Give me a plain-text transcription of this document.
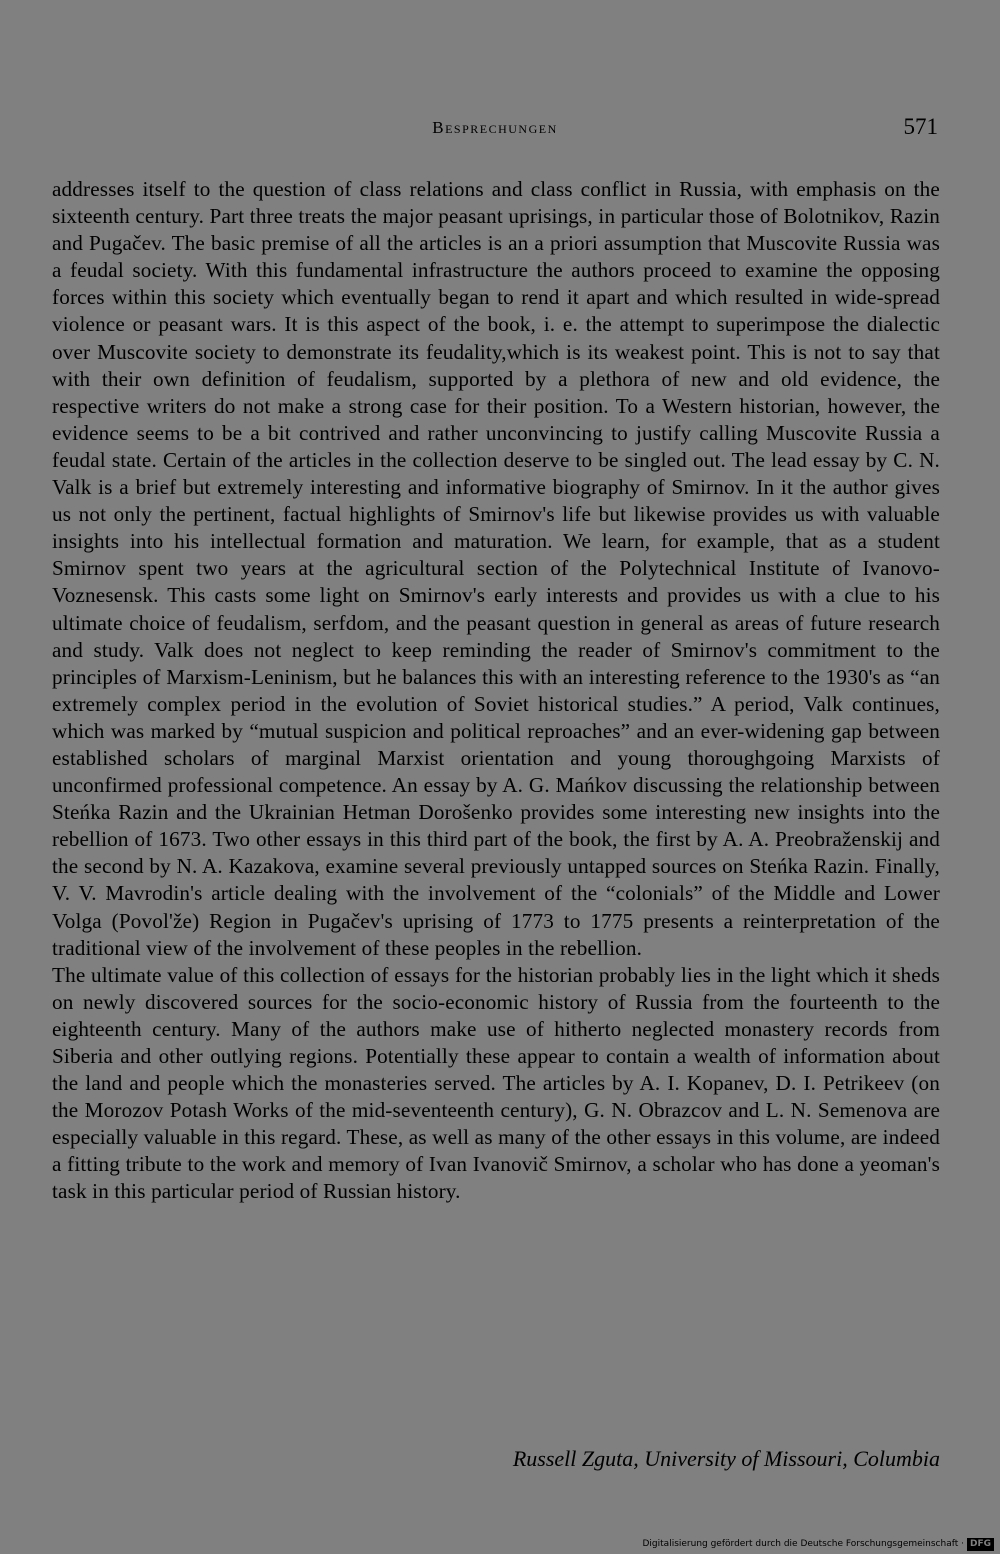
Besprechungen	571

addresses itself to the question of class relations and class conflict in Russia, with emphasis on the sixteenth century. Part three treats the major peasant uprisings, in particular those of Bolotnikov, Razin and Pugačev. The basic premise of all the articles is an a priori assumption that Muscovite Russia was a feudal society. With this fundamental infrastructure the authors proceed to examine the opposing forces within this society which eventually began to rend it apart and which resulted in wide-spread violence or peasant wars. It is this aspect of the book, i. e. the attempt to superimpose the dialectic over Muscovite society to demonstrate its feudality,which is its weakest point. This is not to say that with their own definition of feudalism, supported by a plethora of new and old evidence, the respective writers do not make a strong case for their position. To a Western historian, however, the evidence seems to be a bit contrived and rather unconvincing to justify calling Muscovite Russia a feudal state. Certain of the articles in the collection deserve to be singled out. The lead essay by C. N. Valk is a brief but extremely interesting and informative biography of Smirnov. In it the author gives us not only the pertinent, factual highlights of Smirnov's life but likewise provides us with valuable insights into his intellectual formation and maturation. We learn, for example, that as a student Smirnov spent two years at the agricultural section of the Polytechnical Institute of Ivanovo-Voznesensk. This casts some light on Smirnov's early interests and provides us with a clue to his ultimate choice of feudalism, serfdom, and the peasant question in general as areas of future research and study. Valk does not neglect to keep reminding the reader of Smirnov's commitment to the principles of Marxism-Leninism, but he balances this with an interesting reference to the 1930's as “an extremely complex period in the evolution of Soviet historical studies.” A period, Valk continues, which was marked by “mutual suspicion and political reproaches” and an ever-widening gap between established scholars of marginal Marxist orientation and young thoroughgoing Marxists of unconfirmed professional competence. An essay by A. G. Mańkov discussing the relationship between Steńka Razin and the Ukrainian Hetman Dorošenko provides some interesting new insights into the rebellion of 1673. Two other essays in this third part of the book, the first by A. A. Preobraženskij and the second by N. A. Kazakova, examine several previously untapped sources on Steńka Razin. Finally, V. V. Mavrodin's article dealing with the involvement of the “colonials” of the Middle and Lower Volga (Povol'že) Region in Pugačev's uprising of 1773 to 1775 presents a reinterpretation of the traditional view of the involvement of these peoples in the rebellion.

The ultimate value of this collection of essays for the historian probably lies in the light which it sheds on newly discovered sources for the socio-economic history of Russia from the fourteenth to the eighteenth century. Many of the authors make use of hitherto neglected monastery records from Siberia and other outlying regions. Potentially these appear to contain a wealth of information about the land and people which the monasteries served. The articles by A. I. Kopanev, D. I. Petrikeev (on the Morozov Potash Works of the mid-seventeenth century), G. N. Obrazcov and L. N. Semenova are especially valuable in this regard. These, as well as many of the other essays in this volume, are indeed a fitting tribute to the work and memory of Ivan Ivanovič Smirnov, a scholar who has done a yeoman's task in this particular period of Russian history.

Russell Zguta, University of Missouri, Columbia
Digitalisierung gefördert durch die Deutsche Forschungsgemeinschaft · DFG
